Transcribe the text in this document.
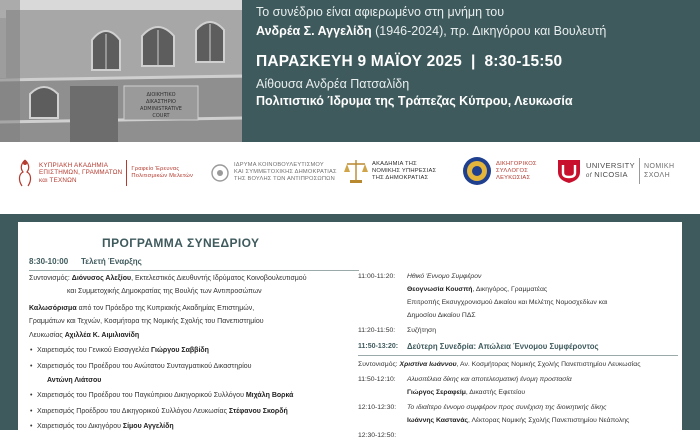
ΔΙΟΙΚΗΤΙΚΟ
ΔΙΚΑΣΤΗΡΙΟ
ADMINISTRATIVE
COURT
Το συνέδριο είναι αφιερωμένο στη μνήμη του
Ανδρέα Σ. Αγγελίδη (1946-2024), πρ. Δικηγόρου και Βουλευτή
ΠΑΡΑΣΚΕΥΗ 9 ΜΑΪΟΥ 2025 | 8:30-15:50
Αίθουσα Ανδρέα Πατσαλίδη
Πολιτιστικό Ίδρυμα της Τράπεζας Κύπρου, Λευκωσία
ΚΥΠΡΙΑΚΗ ΑΚΑΔΗΜΙΑ
ΕΠΙΣΤΗΜΩΝ, ΓΡΑΜΜΑΤΩΝ
και ΤΕΧΝΩΝ
Γραφείο Έρευνας
Πολιτισμικών Μελετών
ΙΔΡΥΜΑ ΚΟΙΝΟΒΟΥΛΕΥΤΙΣΜΟΥ
ΚΑΙ ΣΥΜΜΕΤΟΧΙΚΗΣ ΔΗΜΟΚΡΑΤΙΑΣ
ΤΗΣ ΒΟΥΛΗΣ ΤΩΝ ΑΝΤΙΠΡΟΣΩΠΩΝ
ΑΚΑΔΗΜΙΑ ΤΗΣ
ΝΟΜΙΚΗΣ ΥΠΗΡΕΣΙΑΣ
ΤΗΣ ΔΗΜΟΚΡΑΤΙΑΣ
ΔΙΚΗΓΟΡΙΚΟΣ
ΣΥΛΛΟΓΟΣ
ΛΕΥΚΩΣΙΑΣ
UNIVERSITY
of NICOSIA
ΝΟΜΙΚΗ
ΣΧΟΛΗ
ΠΡΟΓΡΑΜΜΑ ΣΥΝΕΔΡΙΟΥ
8:30-10:00	Τελετή Έναρξης
Συντονισμός: Διόνυσος Αλεξίου, Εκτελεστικός Διευθυντής Ιδρύματος Κοινοβουλευτισμού
και Συμμετοχικής Δημοκρατίας της Βουλής των Αντιπροσώπων
Καλωσόρισμα από τον Πρόεδρο της Κυπριακής Ακαδημίας Επιστημών,
Γραμμάτων και Τεχνών, Κοσμήτορα της Νομικής Σχολής του Πανεπιστημίου
Λευκωσίας Αχιλλέα Κ. Αιμιλιανίδη
• Χαιρετισμός του Γενικού Εισαγγελέα Γιώργου Σαββίδη
• Χαιρετισμός του Προέδρου του Ανώτατου Συνταγματικού Δικαστηρίου
Αντώνη Λιάτσου
• Χαιρετισμός του Προέδρου του Παγκύπριου Δικηγορικού Συλλόγου Μιχάλη Βορκά
• Χαιρετισμός Προέδρου του Δικηγορικού Συλλόγου Λευκωσίας Στέφανου Σκορδή
• Χαιρετισμός του Δικηγόρου Σίμου Αγγελίδη
11:00-11:20:	Ηθικό Έννομο Συμφέρον
Θεογνωσία Κουσπή, Δικηγόρος, Γραμματέας
Επιτροπής Εκσυγχρονισμού Δικαίου και Μελέτης Νομοσχεδίων και
Δημοσίου Δικαίου ΠΔΣ
11:20-11:50:	Συζήτηση
11:50-13:20:	Δεύτερη Συνεδρία: Απώλεια Έννομου Συμφέροντος
Συντονισμός: Χριστίνα Ιωάννου, Αν. Κοσμήτορας Νομικής Σχολής Πανεπιστημίου Λευκωσίας
11:50-12:10:	Αλυσιτέλεια δίκης και αποτελεσματική ένομη προστασία
Γιώργος Σεραφείμ, Δικαστής Εφετείου
12:10-12:30:	Το ιδιαίτερο έννομο συμφέρον προς συνέχιση της διοικητικής δίκης
Ιωάννης Κασταvάς, Λέκτορας Νομικής Σχολής Πανεπιστημίου Νεάπολης
12:30-12:50:
